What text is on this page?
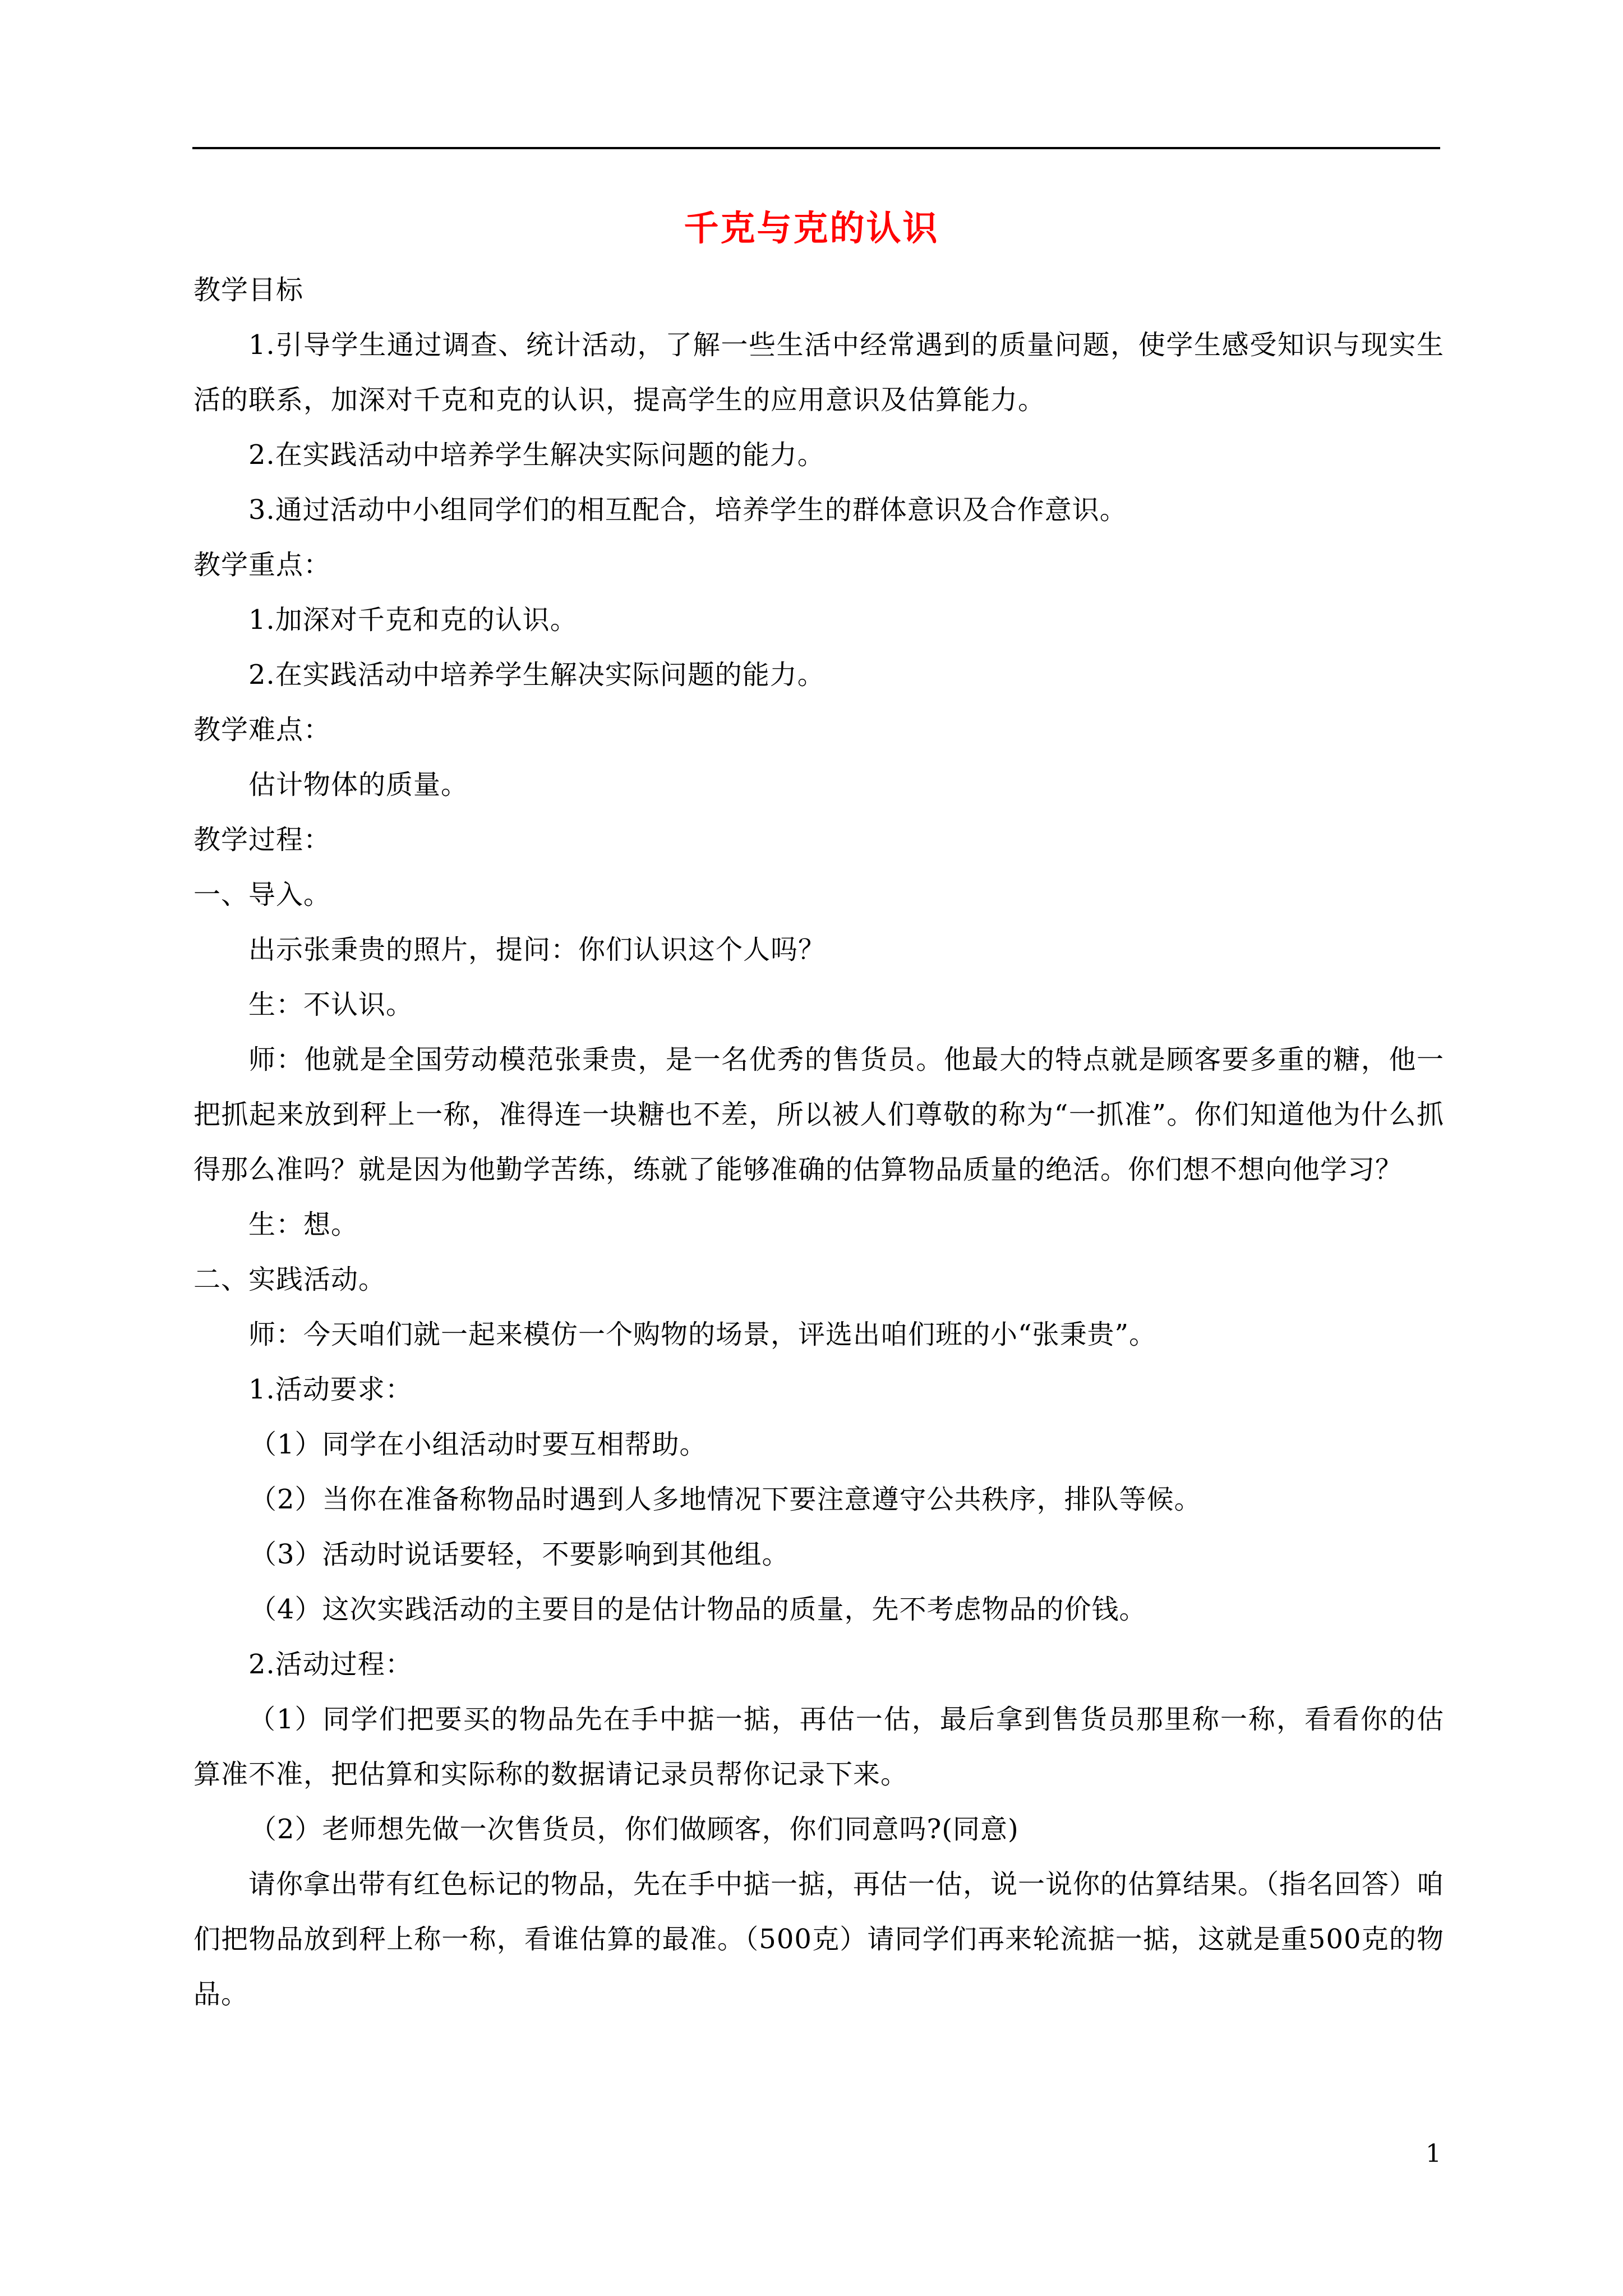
千克与克的认识
教学目标

1.引导学生通过调查、统计活动，了解一些生活中经常遇到的质量问题，使学生感受知识与现实生活的联系，加深对千克和克的认识，提高学生的应用意识及估算能力。

2.在实践活动中培养学生解决实际问题的能力。
3.通过活动中小组同学们的相互配合，培养学生的群体意识及合作意识。
教学重点：
1.加深对千克和克的认识。
2.在实践活动中培养学生解决实际问题的能力。
教学难点：
估计物体的质量。
教学过程：
一、导入。
出示张秉贵的照片，提问：你们认识这个人吗？
生：不认识。

师：他就是全国劳动模范张秉贵，是一名优秀的售货员。他最大的特点就是顾客要多重的糖，他一把抓起来放到秤上一称，准得连一块糖也不差，所以被人们尊敬的称为“一抓准”。你们知道他为什么抓得那么准吗？就是因为他勤学苦练，练就了能够准确的估算物品质量的绝活。你们想不想向他学习？

生：想。
二、实践活动。
师：今天咱们就一起来模仿一个购物的场景，评选出咱们班的小“张秉贵”。
1.活动要求：
（1）同学在小组活动时要互相帮助。
（2）当你在准备称物品时遇到人多地情况下要注意遵守公共秩序，排队等候。
（3）活动时说话要轻，不要影响到其他组。
（4）这次实践活动的主要目的是估计物品的质量，先不考虑物品的价钱。
2.活动过程：

（1）同学们把要买的物品先在手中掂一掂，再估一估，最后拿到售货员那里称一称，看看你的估算准不准，把估算和实际称的数据请记录员帮你记录下来。

（2）老师想先做一次售货员，你们做顾客，你们同意吗?(同意)

请你拿出带有红色标记的物品，先在手中掂一掂，再估一估，说一说你的估算结果。（指名回答）咱们把物品放到秤上称一称，看谁估算的最准。（500克）请同学们再来轮流掂一掂，这就是重500克的物品。

1
